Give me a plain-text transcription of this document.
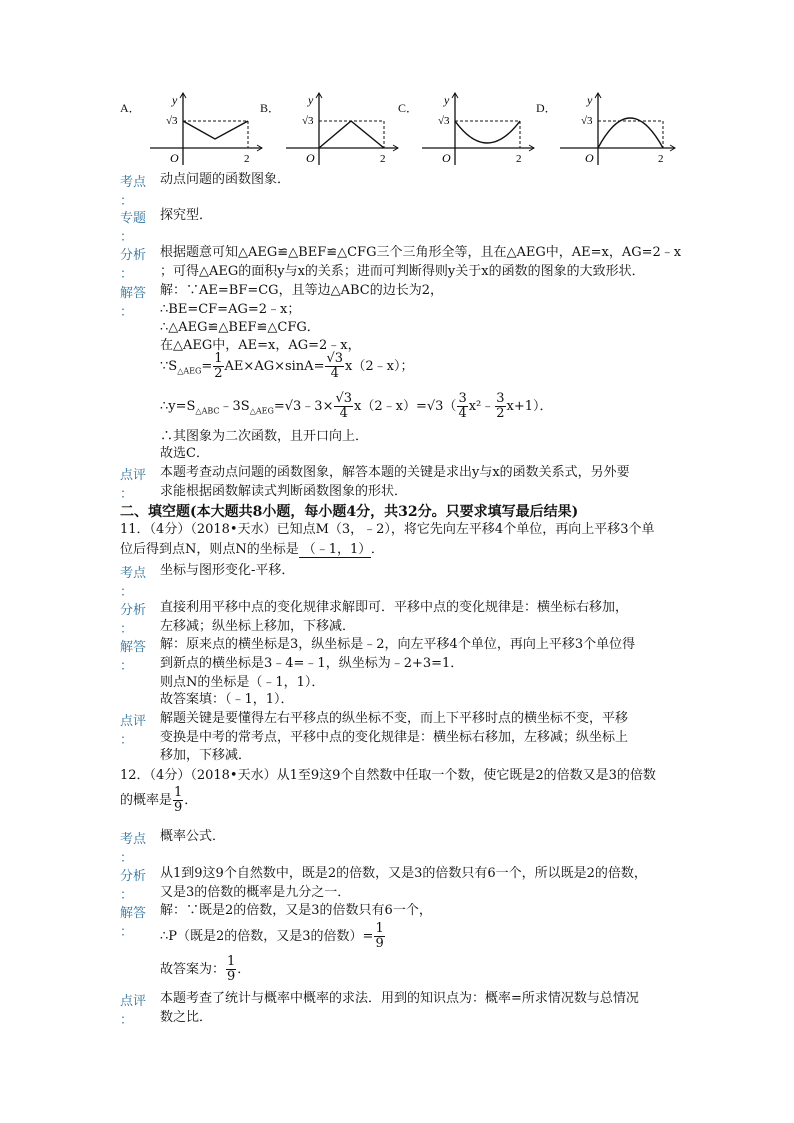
A．
y
√3
O	2
B．
y
√3
O	2
C．
y
√3
O	2
D．
y
√3
O	2
考点
：
动点问题的函数图象．
专题
：
探究型．
分析
：
根据题意可知△AEG≌△BEF≌△CFG三个三角形全等，且在△AEG中，AE=x，AG=2﹣x
；可得△AEG的面积y与x的关系；进而可判断得则y关于x的函数的图象的大致形状．
解答
：
解：∵AE=BF=CG，且等边△ABC的边长为2，
∴BE=CF=AG=2﹣x；
∴△AEG≌△BEF≌△CFG．
在△AEG中，AE=x，AG=2﹣x，
$\because S_{\triangle AEG}= \frac{1}{2} AE\times AG\times\sin A= \frac{√3}{4}$ x（2﹣x）；
$\therefore y=S_{\triangle ABC}﹣3S_{\triangle AEG}=√3﹣3\times \frac{√3}{4}$ x（2﹣x）=√3（ $\frac{3}{4}$ x²﹣ $\frac{3}{2} x+1$）．
∴其图象为二次函数，且开口向上．
故选C．
点评
：
本题考查动点问题的函数图象，解答本题的关键是求出y与x的函数关系式，另外要
求能根据函数解读式判断函数图象的形状．
二、填空题(本大题共8小题，每小题4分，共32分。只要求填写最后结果)
11．（4分）（2018•天水）已知点M（3，﹣2），将它先向左平移4个单位，再向上平移3个单
位后得到点N，则点N的坐标是 （﹣1，1） ．
考点
：
坐标与图形变化-平移．
分析
：
直接利用平移中点的变化规律求解即可．平移中点的变化规律是：横坐标右移加，
左移减；纵坐标上移加，下移减．
解答
：
解：原来点的横坐标是3，纵坐标是﹣2，向左平移4个单位，再向上平移3个单位得
到新点的横坐标是3﹣4=﹣1，纵坐标为﹣2+3=1．
则点N的坐标是（﹣1，1）．
故答案填：（﹣1，1）．
点评
：
解题关键是要懂得左右平移点的纵坐标不变，而上下平移时点的横坐标不变，平移
变换是中考的常考点，平移中点的变化规律是：横坐标右移加，左移减；纵坐标上
移加，下移减．
12．（4分）（2018•天水）从1至9这9个自然数中任取一个数，使它既是2的倍数又是3的倍数
的概率是 $\frac{1}{9}$ ．
考点
：
概率公式．
分析
：
从1到9这9个自然数中，既是2的倍数，又是3的倍数只有6一个，所以既是2的倍数，
又是3的倍数的概率是九分之一．
解答
：
解：∵既是2的倍数，又是3的倍数只有6一个，
∴P（既是2的倍数，又是3的倍数）= $\frac{1}{9}$
故答案为： $\frac{1}{9}$ ．
点评
：
本题考查了统计与概率中概率的求法．用到的知识点为：概率=所求情况数与总情况
数之比．
